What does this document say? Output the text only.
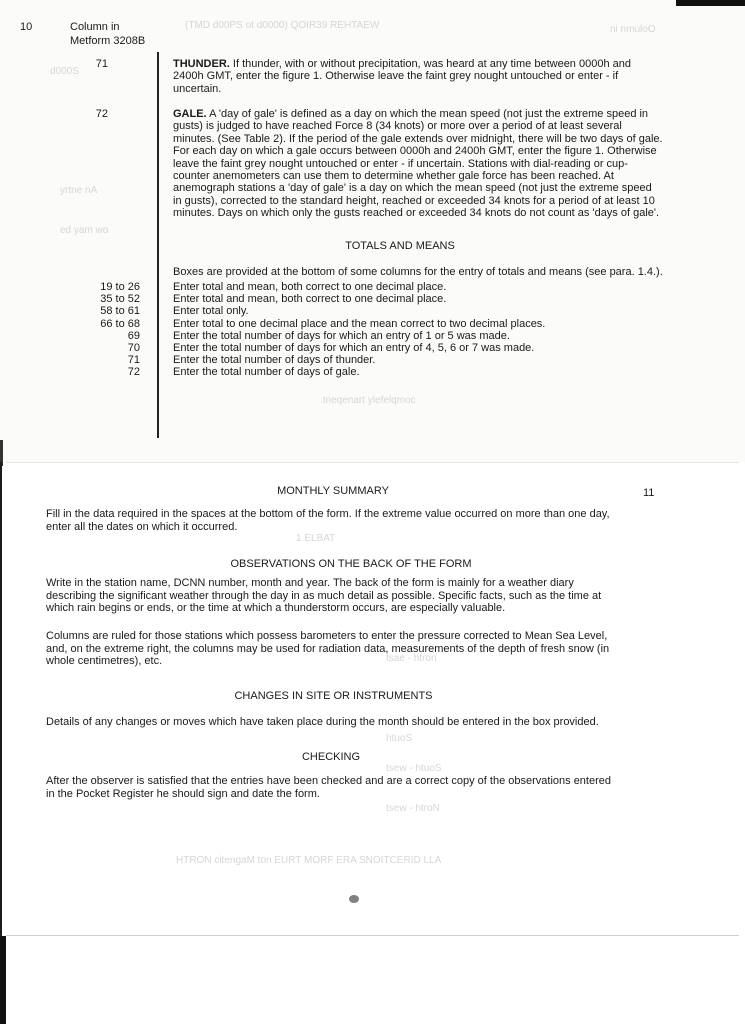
(TMD d00PS ot d0000) QOIR39 REHTAEW	ni nmuloO
d000S
yrtne nA
ed yam wo
.tneqenart ylefelqmoc
10	Column in
Metform 3208B
71	THUNDER. If thunder, with or without precipitation, was heard at any time between 0000h and 2400h GMT, enter the figure 1. Otherwise leave the faint grey nought untouched or enter - if uncertain.
72	GALE. A 'day of gale' is defined as a day on which the mean speed (not just the extreme speed in gusts) is judged to have reached Force 8 (34 knots) or more over a period of at least several minutes. (See Table 2). If the period of the gale extends over midnight, there will be two days of gale. For each day on which a gale occurs between 0000h and 2400h GMT, enter the figure 1. Otherwise leave the faint grey nought untouched or enter - if uncertain. Stations with dial-reading or cup-counter anemometers can use them to determine whether gale force has been reached. At anemograph stations a 'day of gale' is a day on which the mean speed (not just the extreme speed in gusts), corrected to the standard height, reached or exceeded 34 knots for a period of at least 10 minutes. Days on which only the gusts reached or exceeded 34 knots do not count as 'days of gale'.
TOTALS AND MEANS
Boxes are provided at the bottom of some columns for the entry of totals and means (see para. 1.4.).
19 to 26	Enter total and mean, both correct to one decimal place.
35 to 52	Enter total and mean, both correct to one decimal place.
58 to 61	Enter total only.
66 to 68	Enter total to one decimal place and the mean correct to two decimal places.
69	Enter the total number of days for which an entry of 1 or 5 was made.
70	Enter the total number of days for which an entry of 4, 5, 6 or 7 was made.
71	Enter the total number of days of thunder.
72	Enter the total number of days of gale.
1 ELBAT
tsae - htron
htuoS
tsew - htuoS
tsew - htroN
HTRON citengaM ton EURT MORF ERA SNOITCERID LLA
11
MONTHLY SUMMARY
Fill in the data required in the spaces at the bottom of the form. If the extreme value occurred on more than one day, enter all the dates on which it occurred.
OBSERVATIONS ON THE BACK OF THE FORM
Write in the station name, DCNN number, month and year. The back of the form is mainly for a weather diary describing the significant weather through the day in as much detail as possible. Specific facts, such as the time at which rain begins or ends, or the time at which a thunderstorm occurs, are especially valuable.
Columns are ruled for those stations which possess barometers to enter the pressure corrected to Mean Sea Level, and, on the extreme right, the columns may be used for radiation data, measurements of the depth of fresh snow (in whole centimetres), etc.
CHANGES IN SITE OR INSTRUMENTS
Details of any changes or moves which have taken place during the month should be entered in the box provided.
CHECKING
After the observer is satisfied that the entries have been checked and are a correct copy of the observations entered in the Pocket Register he should sign and date the form.
